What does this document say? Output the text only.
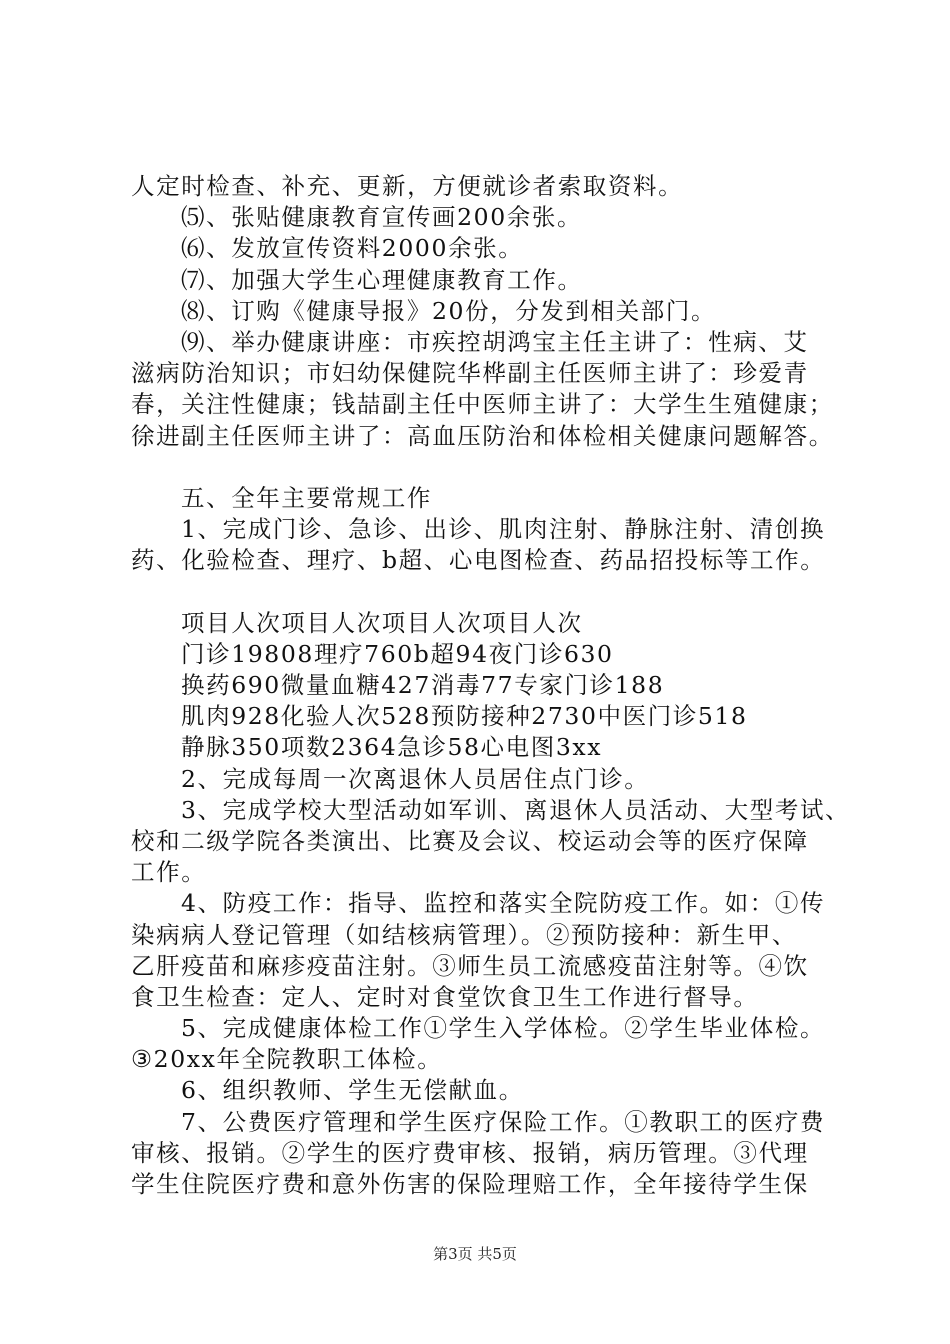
人定时检查、补充、更新，方便就诊者索取资料。
⑸、张贴健康教育宣传画200余张。
⑹、发放宣传资料2000余张。
⑺、加强大学生心理健康教育工作。
⑻、订购《健康导报》20份，分发到相关部门。
⑼、举办健康讲座：市疾控胡鸿宝主任主讲了：性病、艾
滋病防治知识；市妇幼保健院华桦副主任医师主讲了：珍爱青
春，关注性健康；钱喆副主任中医师主讲了：大学生生殖健康；
徐进副主任医师主讲了：高血压防治和体检相关健康问题解答。
五、全年主要常规工作
1、完成门诊、急诊、出诊、肌肉注射、静脉注射、清创换
药、化验检查、理疗、b超、心电图检查、药品招投标等工作。
项目人次项目人次项目人次项目人次
门诊19808理疗760b超94夜门诊630
换药690微量血糖427消毒77专家门诊188
肌肉928化验人次528预防接种2730中医门诊518
静脉350项数2364急诊58心电图3xx
2、完成每周一次离退休人员居住点门诊。
3、完成学校大型活动如军训、离退休人员活动、大型考试、
校和二级学院各类演出、比赛及会议、校运动会等的医疗保障
工作。
4、防疫工作：指导、监控和落实全院防疫工作。如：①传
染病病人登记管理（如结核病管理）。②预防接种：新生甲、
乙肝疫苗和麻疹疫苗注射。③师生员工流感疫苗注射等。④饮
食卫生检查：定人、定时对食堂饮食卫生工作进行督导。
5、完成健康体检工作①学生入学体检。②学生毕业体检。
③20xx年全院教职工体检。
6、组织教师、学生无偿献血。
7、公费医疗管理和学生医疗保险工作。①教职工的医疗费
审核、报销。②学生的医疗费审核、报销，病历管理。③代理
学生住院医疗费和意外伤害的保险理赔工作，全年接待学生保
第3页 共5页
